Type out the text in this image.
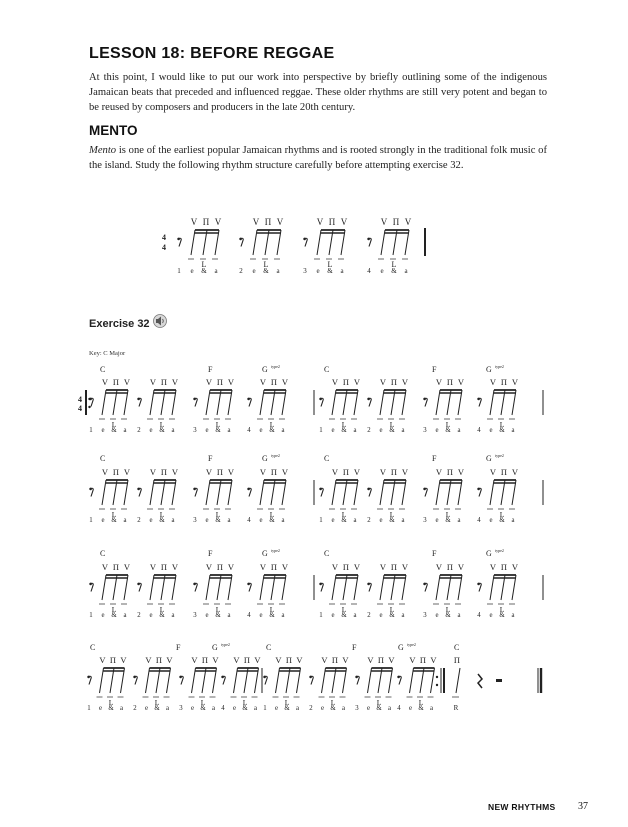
LESSON 18: BEFORE REGGAE
At this point, I would like to put our work into perspective by briefly outlining some of the indigenous Jamaican beats that preceded and influenced reggae. These older rhythms are still very potent and began to be reused by composers and producers in the late 20th century.
MENTO
Mento is one of the earliest popular Jamaican rhythms and is rooted strongly in the traditional folk music of the island. Study the following rhythm structure carefully before attempting exercise 32.
4
4
V Π V
L
1 e & a
V Π V
L
2 e & a
V Π V
L
3 e & a
V Π V
L
4 e & a
4
4
V Π V
L
1 e & a
V Π V
L
2 e & a
V Π V
L
3 e & a
V Π V
L
4 e & a
V Π V
L
1 e & a
V Π V
L
2 e & a
V Π V
L
3 e & a
V Π V
L
4 e & a
C	F	G type2	C	F	G type2
V Π V
L
1 e & a
V Π V
L
2 e & a
V Π V
L
3 e & a
V Π V
L
4 e & a
V Π V
L
1 e & a
V Π V
L
2 e & a
V Π V
L
3 e & a
V Π V
L
4 e & a
C	F	G type2	C	F	G type2
V Π V
L
1 e & a
V Π V
L
2 e & a
V Π V
L
3 e & a
V Π V
L
4 e & a
V Π V
L
1 e & a
V Π V
L
2 e & a
V Π V
L
3 e & a
V Π V
L
4 e & a
C	F	G type2	C	F	G type2
V Π V
L
1 e & a
V Π V
L
2 e & a
V Π V
L
3 e & a
V Π V
L
4 e & a
V Π V
L
1 e & a
V Π V
L
2 e & a
V Π V
L
3 e & a
V Π V
L
4 e & a
C	F	G type2	C	F	G type2	C
Π
R
Exercise 32
Key: C Major
NEW RHYTHMS 37
